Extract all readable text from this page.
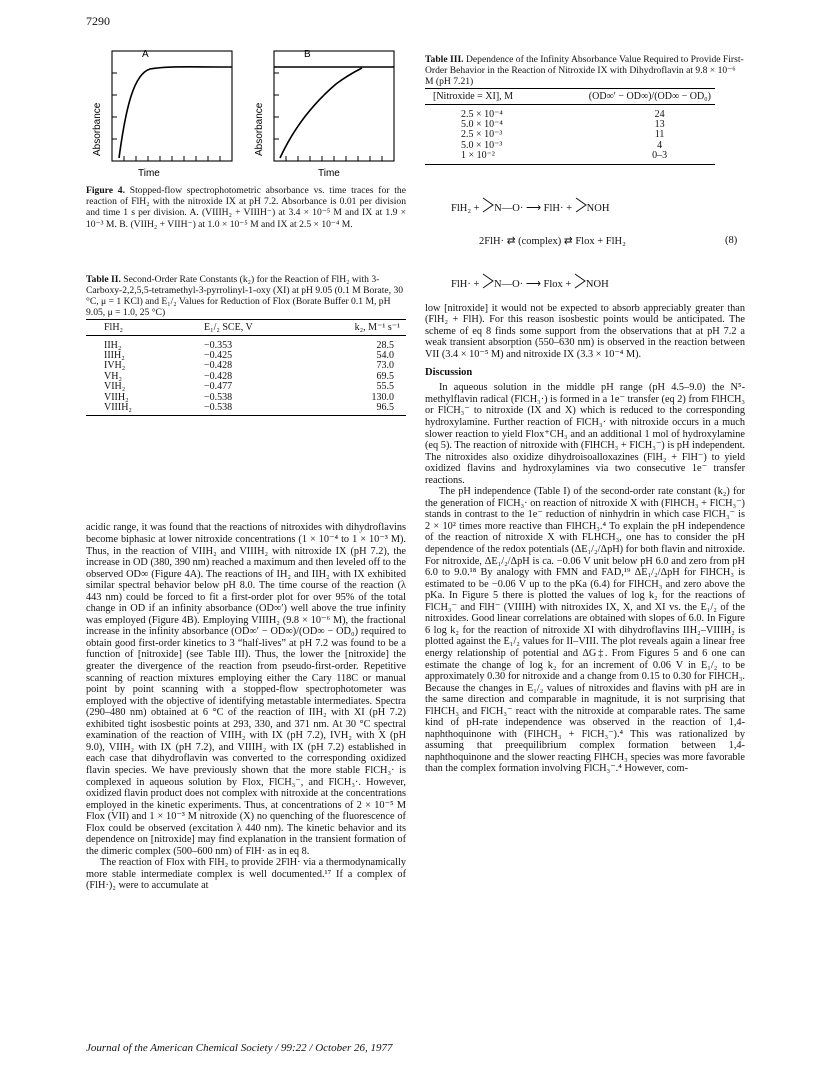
7290
A
Absorbance
Time
B
Absorbance
Time
Figure 4. Stopped-flow spectrophotometric absorbance vs. time traces for the reaction of FlH₂ with the nitroxide IX at pH 7.2. Absorbance is 0.01 per division and time 1 s per division. A. (VIIIH₂ + VIIIH⁻) at 3.4 × 10⁻⁵ M and IX at 1.9 × 10⁻³ M. B. (VIIH₂ + VIIH⁻) at 1.0 × 10⁻⁵ M and IX at 2.5 × 10⁻⁴ M.
Table II. Second-Order Rate Constants (k₂) for the Reaction of FlH₂ with 3-Carboxy-2,2,5,5-tetramethyl-3-pyrrolinyl-1-oxy (XI) at pH 9.05 (0.1 M Borate, 30 °C, μ = 1 KCl) and E₁/₂ Values for Reduction of Flox (Borate Buffer 0.1 M, pH 9.05, μ = 1.0, 25 °C)
FlH₂	E₁/₂ SCE, V	k₂, M⁻¹ s⁻¹

IIH₂	−0.353	28.5
IIIH₂	−0.425	54.0
IVH₂	−0.428	73.0
VH₂	−0.428	69.5
VIH₂	−0.477	55.5
VIIH₂	−0.538	130.0
VIIIH₂	−0.538	96.5

acidic range, it was found that the reactions of nitroxides with dihydroflavins become biphasic at lower nitroxide concentrations (1 × 10⁻⁴ to 1 × 10⁻³ M). Thus, in the reaction of VIIH₂ and VIIIH₂ with nitroxide IX (pH 7.2), the increase in OD (380, 390 nm) reached a maximum and then leveled off to the observed OD∞ (Figure 4A). The reactions of IH₂ and IIH₂ with IX exhibited similar spectral behavior below pH 8.0. The time course of the reaction (λ 443 nm) could be forced to fit a first-order plot for over 95% of the total change in OD if an infinity absorbance (OD∞′) well above the true infinity was employed (Figure 4B). Employing VIIIH₂ (9.8 × 10⁻⁶ M), the fractional increase in the infinity absorbance (OD∞′ − OD∞)/(OD∞ − OD₀) required to obtain good first-order kinetics to 3 “half-lives” at pH 7.2 was found to be a function of [nitroxide] (see Table III). Thus, the lower the [nitroxide] the greater the divergence of the reaction from pseudo-first-order. Repetitive scanning of reaction mixtures employing either the Cary 118C or manual point by point scanning with a stopped-flow spectrophotometer was employed with the objective of identifying metastable intermediates. Spectra (290–480 nm) obtained at 6 °C of the reaction of IIH₂ with XI (pH 7.2) exhibited tight isosbestic points at 293, 330, and 371 nm. At 30 °C spectral examination of the reaction of VIIH₂ with IX (pH 7.2), IVH₂ with X (pH 9.0), VIIH₂ with IX (pH 7.2), and VIIIH₂ with IX (pH 7.2) established in each case that dihydroflavin was converted to the corresponding oxidized flavin species. We have previously shown that the more stable FlCH₃· is complexed in aqueous solution by Flox, FlCH₃⁻, and FlCH₃·. However, oxidized flavin product does not complex with nitroxide at the concentrations employed in the kinetic experiments. Thus, at concentrations of 2 × 10⁻⁵ M Flox (VII) and 1 × 10⁻³ M nitroxide (X) no quenching of the fluorescence of Flox could be observed (excitation λ 440 nm). The kinetic behavior and its dependence on [nitroxide] may find explanation in the transient formation of the dimeric complex (500–600 nm) of FlH· as in eq 8.

The reaction of Flox with FlH₂ to provide 2FlH· via a thermodynamically more stable intermediate complex is well documented.¹⁷ If a complex of (FlH·)₂ were to accumulate at

Table III. Dependence of the Infinity Absorbance Value Required to Provide First-Order Behavior in the Reaction of Nitroxide IX with Dihydroflavin at 9.8 × 10⁻⁶ M (pH 7.21)
[Nitroxide = XI], M	(OD∞′ − OD∞)/(OD∞ − OD₀)

2.5 × 10⁻⁴	24
5.0 × 10⁻⁴	13
2.5 × 10⁻³	11
5.0 × 10⁻³	4
1 × 10⁻²	0–3

FlH₂ + N—O· ⟶ FlH· + NOH
2FlH· ⇄ (complex) ⇄ Flox + FlH₂	(8)
FlH· + N—O· ⟶ Flox + NOH

low [nitroxide] it would not be expected to absorb appreciably greater than (FlH₂ + FlH). For this reason isosbestic points would be anticipated. The scheme of eq 8 finds some support from the observations that at pH 7.2 a weak transient absorption (550–630 nm) is observed in the reaction between VII (3.4 × 10⁻⁵ M) and nitroxide IX (3.3 × 10⁻⁴ M).

Discussion

In aqueous solution in the middle pH range (pH 4.5–9.0) the N⁵-methylflavin radical (FlCH₃·) is formed in a 1e⁻ transfer (eq 2) from FlHCH₃ or FlCH₃⁻ to nitroxide (IX and X) which is reduced to the corresponding hydroxylamine. Further reaction of FlCH₃· with nitroxide occurs in a much slower reaction to yield Flox⁺CH₃ and an additional 1 mol of hydroxylamine (eq 5). The reaction of nitroxide with (FlHCH₃ + FlCH₃⁻) is pH independent. The nitroxides also oxidize dihydroisoalloxazines (FlH₂ + FlH⁻) to yield oxidized flavins and hydroxylamines via two consecutive 1e⁻ transfer reactions.

The pH independence (Table I) of the second-order rate constant (k₂) for the generation of FlCH₃· on reaction of nitroxide X with (FlHCH₃ + FlCH₃⁻) stands in contrast to the 1e⁻ reduction of ninhydrin in which case FlCH₃⁻ is 2 × 10² times more reactive than FlHCH₃.⁴ To explain the pH independence of the reaction of nitroxide X with FLHCH₃, one has to consider the pH dependence of the redox potentials (ΔE₁/₂/ΔpH) for both flavin and nitroxide. For nitroxide, ΔE₁/₂/ΔpH is ca. −0.06 V unit below pH 6.0 and zero from pH 6.0 to 9.0.¹⁸ By analogy with FMN and FAD,¹⁹ ΔE₁/₂/ΔpH for FlHCH₃ is estimated to be −0.06 V up to the pKa (6.4) for FlHCH₃ and zero above the pKa. In Figure 5 there is plotted the values of log k₂ for the reactions of FlCH₃⁻ and FlH⁻ (VIIIH) with nitroxides IX, X, and XI vs. the E₁/₂ of the nitroxides. Good linear correlations are obtained with slopes of 6.0. In Figure 6 log k₂ for the reaction of nitroxide XI with dihydroflavins IIH₂–VIIIH₂ is plotted against the E₁/₂ values for II–VIII. The plot reveals again a linear free energy relationship of potential and ΔG‡. From Figures 5 and 6 one can estimate the change of log k₂ for an increment of 0.06 V in E₁/₂ to be approximately 0.30 for nitroxide and a change from 0.15 to 0.30 for FlHCH₃. Because the changes in E₁/₂ values of nitroxides and flavins with pH are in the same direction and comparable in magnitude, it is not surprising that FlHCH₃ and FlCH₃⁻ react with the nitroxide at comparable rates. The same kind of pH-rate independence was observed in the reaction of 1,4-naphthoquinone with (FlHCH₃ + FlCH₃⁻).⁴ This was rationalized by assuming that preequilibrium complex formation between 1,4-naphthoquinone and the slower reacting FlHCH₃ species was more favorable than the complex formation involving FlCH₃⁻.⁴ However, com-

Journal of the American Chemical Society / 99:22 / October 26, 1977
